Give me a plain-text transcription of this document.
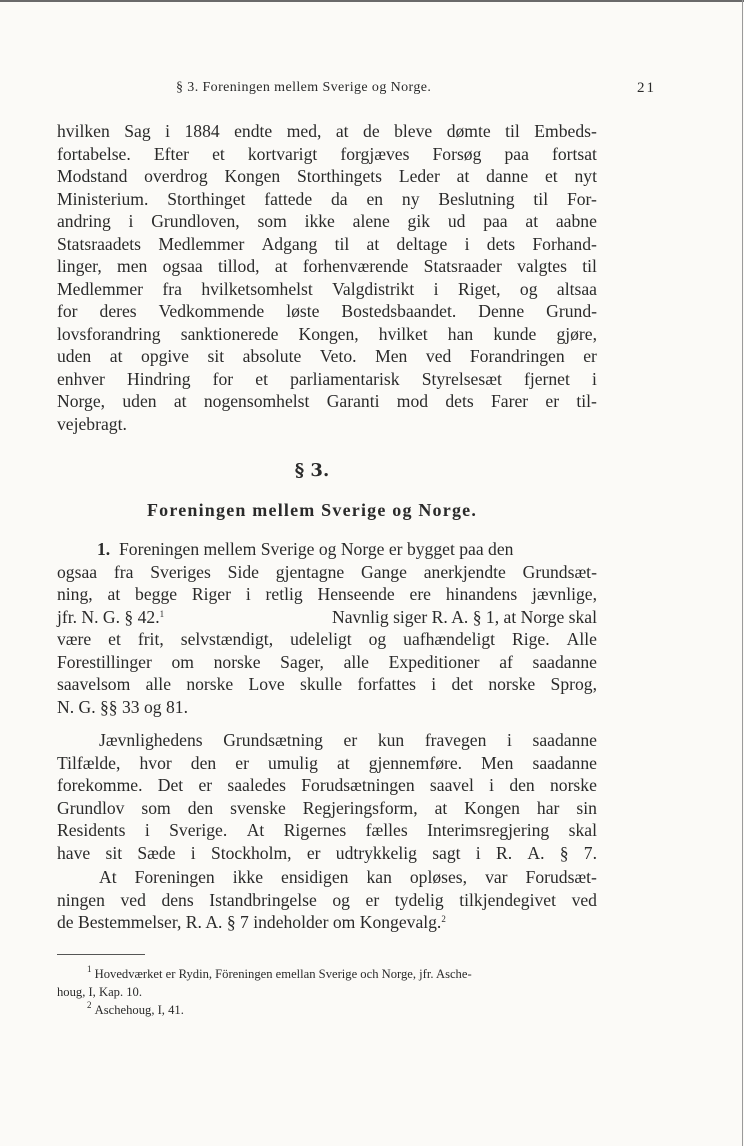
§ 3. Foreningen mellem Sverige og Norge.	21
hvilken Sag i 1884 endte med, at de bleve dømte til Embeds-
fortabelse. Efter et kortvarigt forgjæves Forsøg paa fortsat
Modstand overdrog Kongen Storthingets Leder at danne et nyt
Ministerium. Storthinget fattede da en ny Beslutning til For-
andring i Grundloven, som ikke alene gik ud paa at aabne
Statsraadets Medlemmer Adgang til at deltage i dets Forhand-
linger, men ogsaa tillod, at forhenværende Statsraader valgtes til
Medlemmer fra hvilketsomhelst Valgdistrikt i Riget, og altsaa
for deres Vedkommende løste Bostedsbaandet. Denne Grund-
lovsforandring sanktionerede Kongen, hvilket han kunde gjøre,
uden at opgive sit absolute Veto. Men ved Forandringen er
enhver Hindring for et parliamentarisk Styrelsesæt fjernet i
Norge, uden at nogensomhelst Garanti mod dets Farer er til-
vejebragt.
§ 3.
Foreningen mellem Sverige og Norge.
1. Foreningen mellem Sverige og Norge er bygget paa den
ogsaa fra Sveriges Side gjentagne Gange anerkjendte Grundsæt-
ning, at begge Riger i retlig Henseende ere hinandens jævnlige,
jfr. N. G. § 42.$^1$	Navnlig siger R. A. § 1, at Norge skal
være et frit, selvstændigt, udeleligt og uafhændeligt Rige. Alle
Forestillinger om norske Sager, alle Expeditioner af saadanne
saavelsom alle norske Love skulle forfattes i det norske Sprog,
N. G. §§ 33 og 81.
Jævnlighedens Grundsætning er kun fravegen i saadanne
Tilfælde, hvor den er umulig at gjennemføre. Men saadanne
forekomme. Det er saaledes Forudsætningen saavel i den norske
Grundlov som den svenske Regjeringsform, at Kongen har sin
Residents i Sverige. At Rigernes fælles Interimsregjering skal
have sit Sæde i Stockholm, er udtrykkelig sagt i R. A. § 7.
At Foreningen ikke ensidigen kan opløses, var Forudsæt-
ningen ved dens Istandbringelse og er tydelig tilkjendegivet ved
de Bestemmelser, R. A. § 7 indeholder om Kongevalg.$^2$
$^1$ Hovedværket er Rydin, Föreningen emellan Sverige och Norge, jfr. Asche-
houg, I, Kap. 10.
$^2$ Aschehoug, I, 41.
